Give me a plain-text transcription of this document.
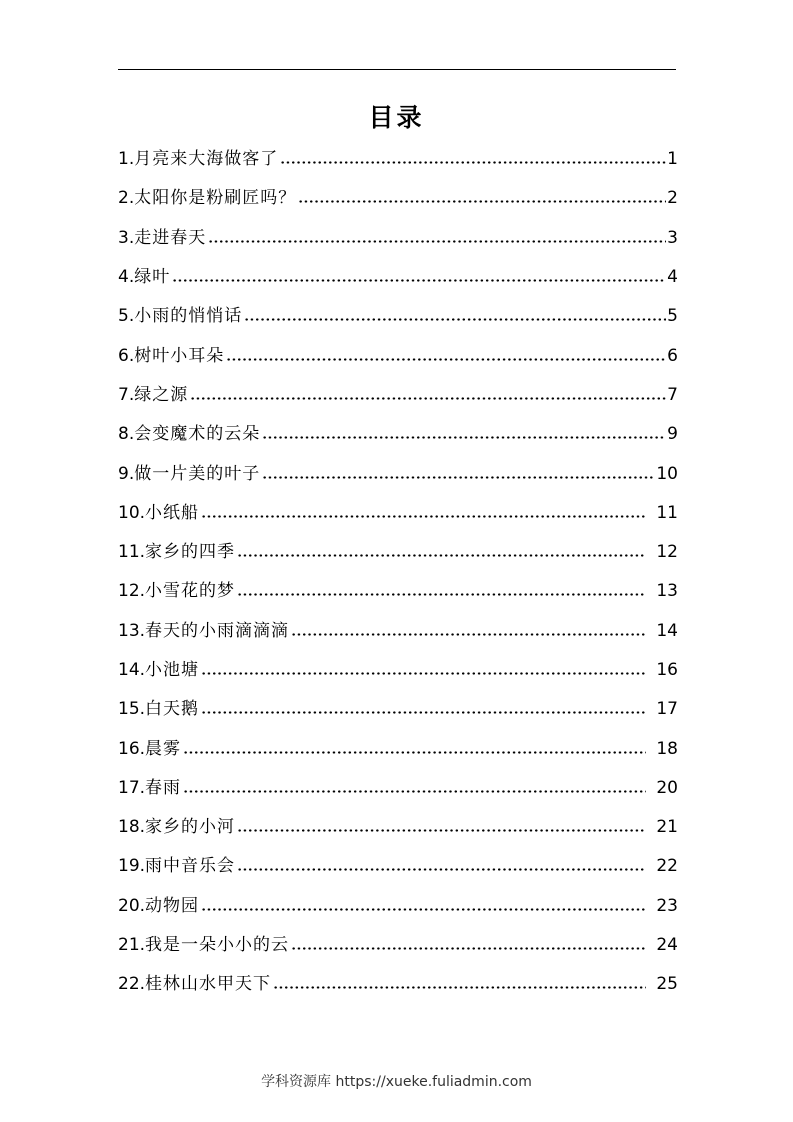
目录
1. 月亮来大海做客了	1
2. 太阳你是粉刷匠吗？	2
3. 走进春天	3
4. 绿叶	4
5. 小雨的悄悄话	5
6. 树叶小耳朵	6
7. 绿之源	7
8. 会变魔术的云朵	9
9. 做一片美的叶子	10
10. 小纸船	11
11. 家乡的四季	12
12. 小雪花的梦	13
13. 春天的小雨滴滴滴	14
14. 小池塘	16
15. 白天鹅	17
16. 晨雾	18
17. 春雨	20
18. 家乡的小河	21
19. 雨中音乐会	22
20. 动物园	23
21. 我是一朵小小的云	24
22. 桂林山水甲天下	25
学科资源库 https://xueke.fuliadmin.com
